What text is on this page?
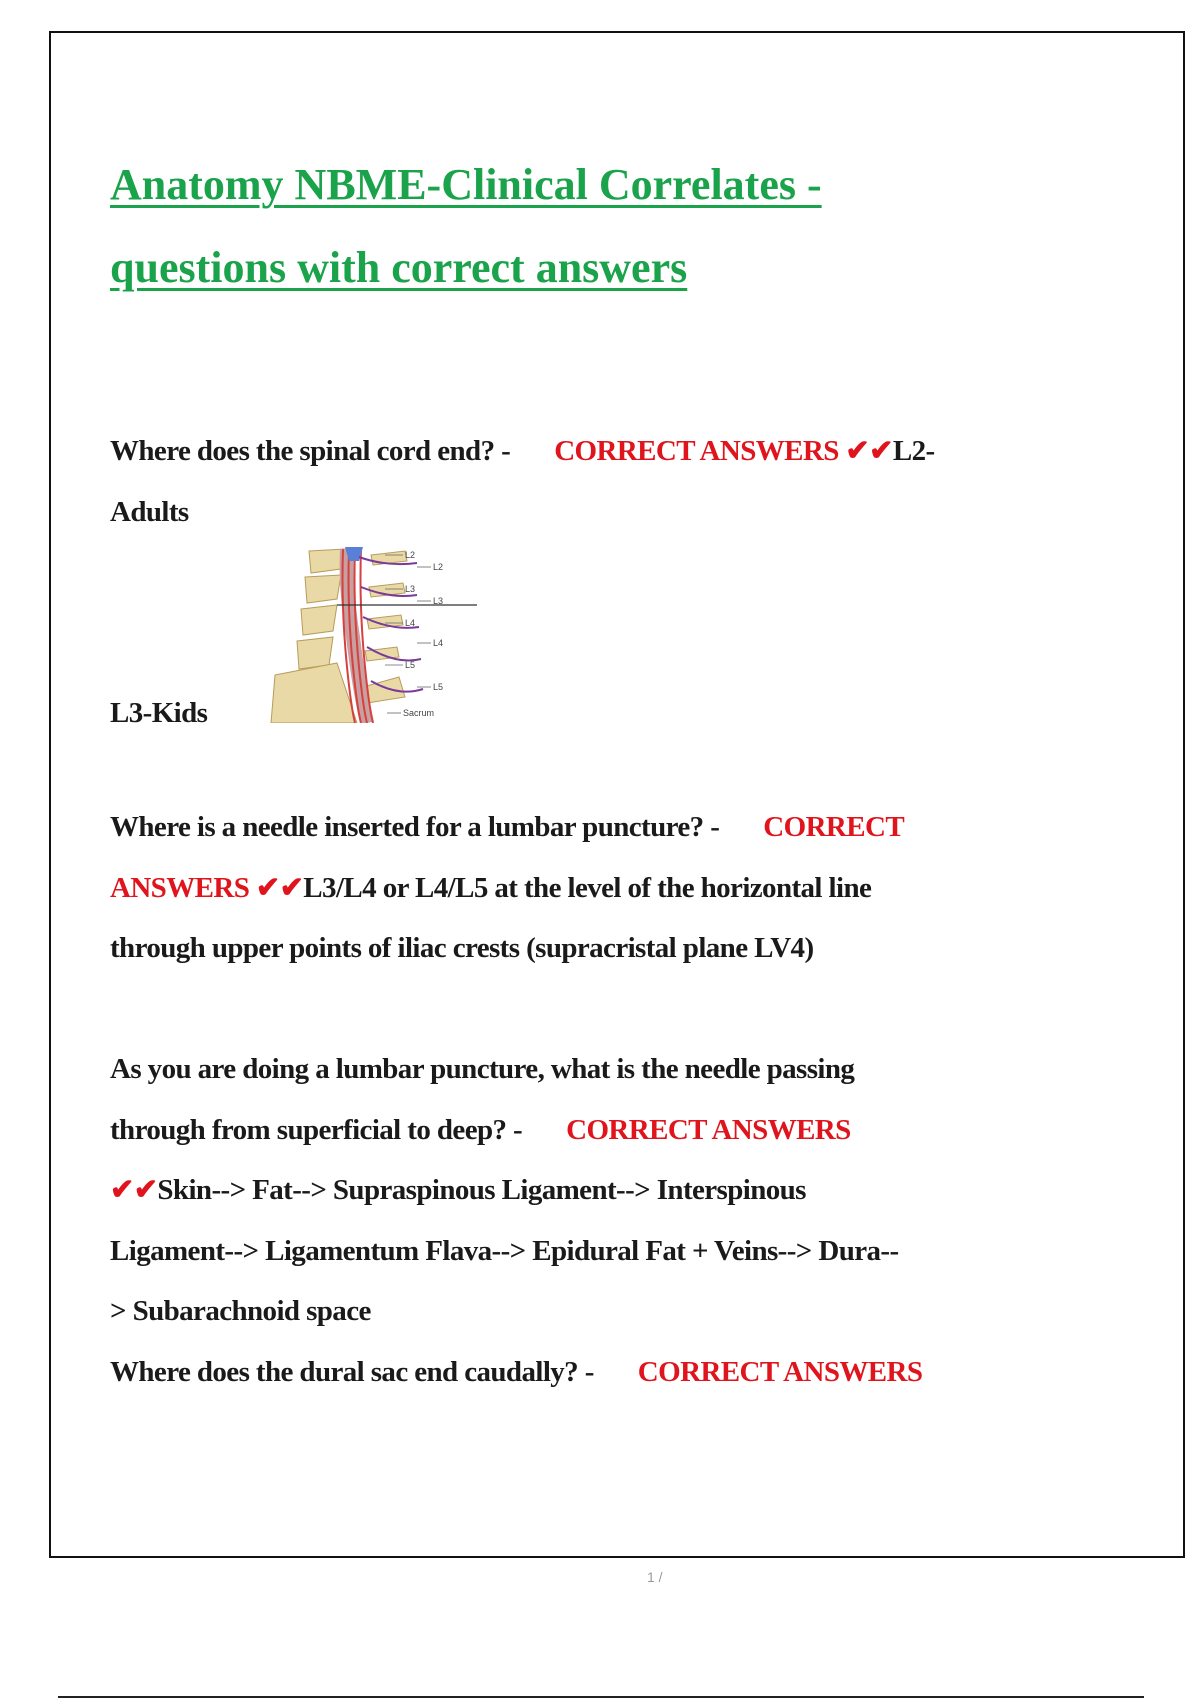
Anatomy NBME-Clinical Correlates -
questions with correct answers

Where does the spinal cord end? - CORRECT ANSWERS ✔✔L2-
Adults

L3-Kids
L2
L3
L4
L5
L2
L3
L4
L5
Sacrum

Where is a needle inserted for a lumbar puncture? - CORRECT
ANSWERS ✔✔L3/L4 or L4/L5 at the level of the horizontal line
through upper points of iliac crests (supracristal plane LV4)

As you are doing a lumbar puncture, what is the needle passing
through from superficial to deep? - CORRECT ANSWERS
✔✔Skin--> Fat--> Supraspinous Ligament--> Interspinous
Ligament--> Ligamentum Flava--> Epidural Fat + Veins--> Dura--
> Subarachnoid space

Where does the dural sac end caudally? - CORRECT ANSWERS

1 /
